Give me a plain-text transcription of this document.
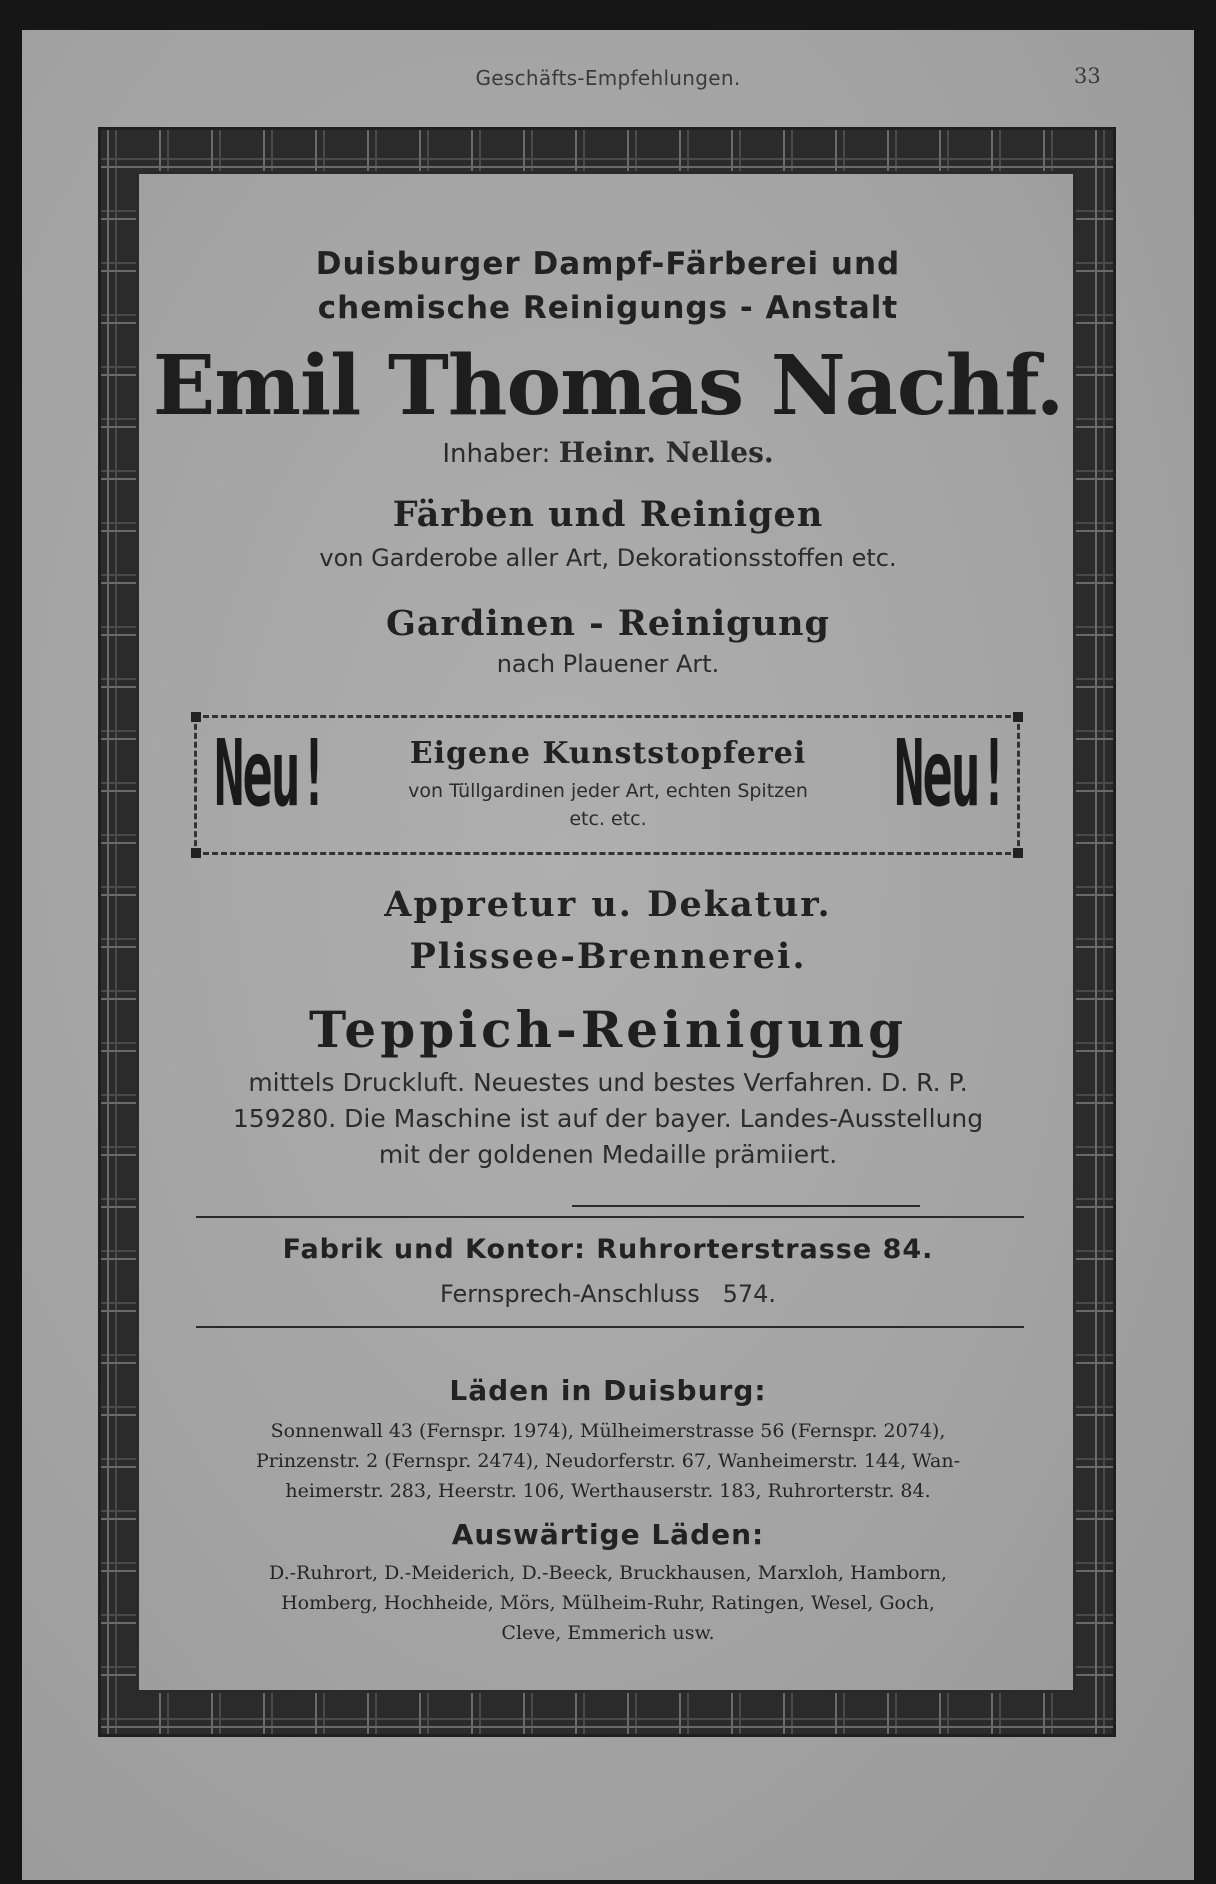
Geschäfts-Empfehlungen.	33
Duisburger Dampf-Färberei und
chemische Reinigungs - Anstalt
Emil Thomas Nachf.
Inhaber: Heinr. Nelles.
Färben und Reinigen
von Garderobe aller Art, Dekorationsstoffen etc.
Gardinen - Reinigung
nach Plauener Art.
Neu!	Neu!
Eigene Kunststopferei
von Tüllgardinen jeder Art, echten Spitzen
etc. etc.
Appretur u. Dekatur.
Plissee-Brennerei.
Teppich-Reinigung
mittels Druckluft. Neuestes und bestes Verfahren. D. R. P.
159280. Die Maschine ist auf der bayer. Landes-Ausstellung
mit der goldenen Medaille prämiiert.
Fabrik und Kontor: Ruhrorterstrasse 84.
Fernsprech-Anschluss   574.
Läden in Duisburg:
Sonnenwall 43 (Fernspr. 1974), Mülheimerstrasse 56 (Fernspr. 2074),
Prinzenstr. 2 (Fernspr. 2474), Neudorferstr. 67, Wanheimerstr. 144, Wan-
heimerstr. 283, Heerstr. 106, Werthauserstr. 183, Ruhrorterstr. 84.
Auswärtige Läden:
D.-Ruhrort, D.-Meiderich, D.-Beeck, Bruckhausen, Marxloh, Hamborn,
Homberg, Hochheide, Mörs, Mülheim-Ruhr, Ratingen, Wesel, Goch,
Cleve, Emmerich usw.
